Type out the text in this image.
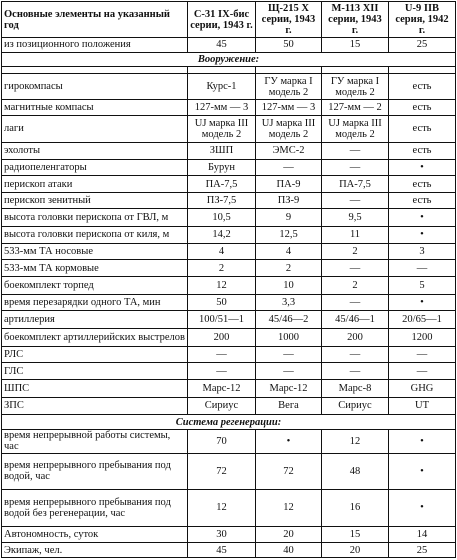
Основные элементы на указанный год	С-31 IX-бис серии, 1943 г.	Щ-215 X серии, 1943 г.	М-113 XII серии, 1943 г.	U-9 IIВ серия, 1942 г.
из позиционного положения	45	50	15	25
Вооружение:				

гирокомпасы	Курс-1	ГУ марка I модель 2	ГУ марка I модель 2	есть
магнитные компасы	127-мм — 3	127-мм — 3	127-мм — 2	есть
лаги	UJ марка III модель 2	UJ марка III модель 2	UJ марка III модель 2	есть
эхолоты	ЗШП	ЭМС-2	—	есть
радиопеленгаторы	Бурун	—	—	•
перископ атаки	ПА-7,5	ПА-9	ПА-7,5	есть
перископ зенитный	ПЗ-7,5	ПЗ-9	—	есть
высота головки перископа от ГВЛ, м	10,5	9	9,5	•
высота головки перископа от киля, м	14,2	12,5	11	•
533-мм ТА носовые	4	4	2	3
533-мм ТА кормовые	2	2	—	—
боекомплект торпед	12	10	2	5
время перезарядки одного ТА, мин	50	3,3	—	•
артиллерия	100/51—1	45/46—2	45/46—1	20/65—1
боекомплект артиллерийских выстрелов	200	1000	200	1200
РЛС	—	—	—	—
ГЛС	—	—	—	—
ШПС	Марс-12	Марс-12	Марс-8	GHG
ЗПС	Сириус	Вега	Сириус	UT
Система регенерации:				
время непрерывной работы системы, час	70	•	12	•
время непрерывного пребывания под водой, час	72	72	48	•
время непрерывного пребывания под водой без регенерации, час	12	12	16	•
Автономность, суток	30	20	15	14
Экипаж, чел.	45	40	20	25
